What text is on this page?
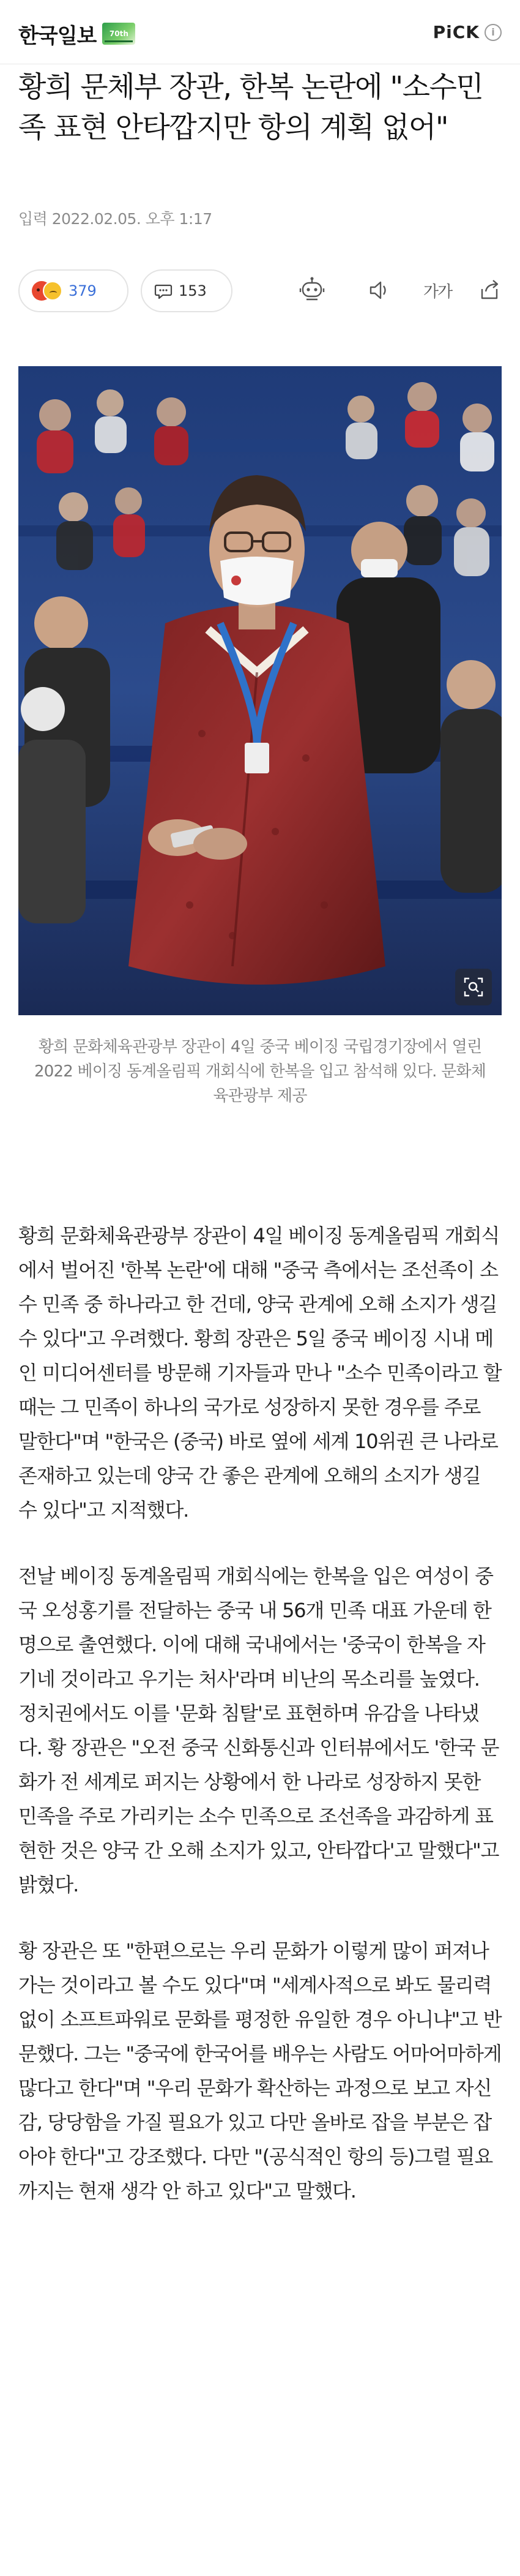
한국일보	70th	PiCK	i
황희 문체부 장관, 한복 논란에 "소수민족 표현 안타깝지만 항의 계획 없어"
입력 2022.02.05. 오후 1:17
379	153	가가
황희 문화체육관광부 장관이 4일 중국 베이징 국립경기장에서 열린 2022 베이징 동계올림픽 개회식에 한복을 입고 참석해 있다. 문화체육관광부 제공

황희 문화체육관광부 장관이 4일 베이징 동계올림픽 개회식에서 벌어진 '한복 논란'에 대해 "중국 측에서는 조선족이 소수 민족 중 하나라고 한 건데, 양국 관계에 오해 소지가 생길 수 있다"고 우려했다. 황희 장관은 5일 중국 베이징 시내 메인 미디어센터를 방문해 기자들과 만나 "소수 민족이라고 할 때는 그 민족이 하나의 국가로 성장하지 못한 경우를 주로 말한다"며 "한국은 (중국) 바로 옆에 세계 10위권 큰 나라로 존재하고 있는데 양국 간 좋은 관계에 오해의 소지가 생길 수 있다"고 지적했다.

전날 베이징 동계올림픽 개회식에는 한복을 입은 여성이 중국 오성홍기를 전달하는 중국 내 56개 민족 대표 가운데 한 명으로 출연했다. 이에 대해 국내에서는 '중국이 한복을 자기네 것이라고 우기는 처사'라며 비난의 목소리를 높였다. 정치권에서도 이를 '문화 침탈'로 표현하며 유감을 나타냈다. 황 장관은 "오전 중국 신화통신과 인터뷰에서도 '한국 문화가 전 세계로 퍼지는 상황에서 한 나라로 성장하지 못한 민족을 주로 가리키는 소수 민족으로 조선족을 과감하게 표현한 것은 양국 간 오해 소지가 있고, 안타깝다'고 말했다"고 밝혔다.

황 장관은 또 "한편으로는 우리 문화가 이렇게 많이 퍼져나가는 것이라고 볼 수도 있다"며 "세계사적으로 봐도 물리력 없이 소프트파워로 문화를 평정한 유일한 경우 아니냐"고 반문했다. 그는 "중국에 한국어를 배우는 사람도 어마어마하게 많다고 한다"며 "우리 문화가 확산하는 과정으로 보고 자신감, 당당함을 가질 필요가 있고 다만 올바로 잡을 부분은 잡아야 한다"고 강조했다. 다만 "(공식적인 항의 등)그럴 필요까지는 현재 생각 안 하고 있다"고 말했다.
